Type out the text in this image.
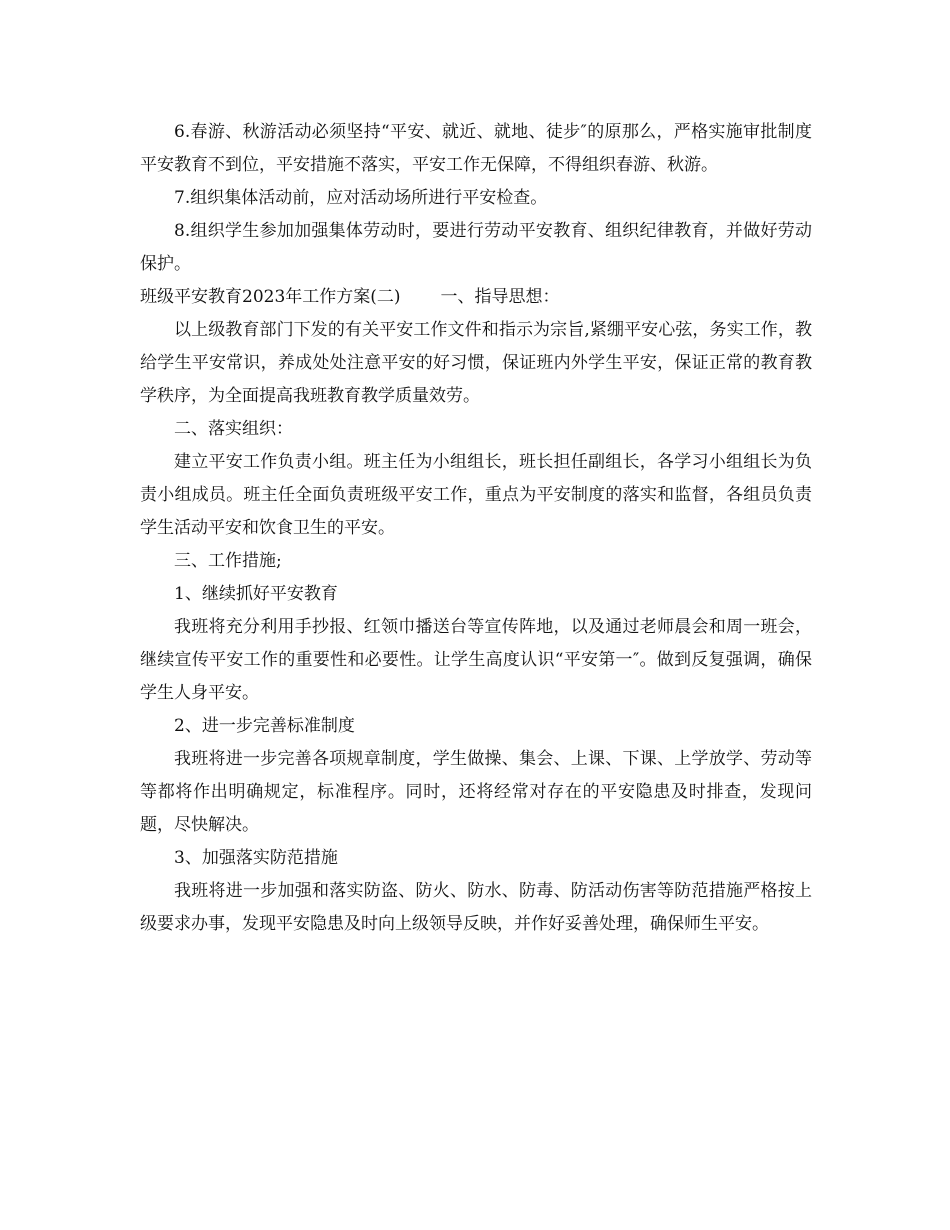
6.春游、秋游活动必须坚持“平安、就近、就地、徒步″的原那么，严格实施审批制度平安教育不到位，平安措施不落实，平安工作无保障，不得组织春游、秋游。

7.组织集体活动前，应对活动场所进行平安检查。

8.组织学生参加加强集体劳动时，要进行劳动平安教育、组织纪律教育，并做好劳动保护。

班级平安教育2023年工作方案(二) 一、指导思想：

以上级教育部门下发的有关平安工作文件和指示为宗旨,紧绷平安心弦，务实工作，教给学生平安常识，养成处处注意平安的好习惯，保证班内外学生平安，保证正常的教育教学秩序，为全面提高我班教育教学质量效劳。

二、落实组织：

建立平安工作负责小组。班主任为小组组长，班长担任副组长，各学习小组组长为负责小组成员。班主任全面负责班级平安工作，重点为平安制度的落实和监督，各组员负责学生活动平安和饮食卫生的平安。

三、工作措施;

1、继续抓好平安教育

我班将充分利用手抄报、红领巾播送台等宣传阵地，以及通过老师晨会和周一班会，继续宣传平安工作的重要性和必要性。让学生高度认识“平安第一″。做到反复强调，确保学生人身平安。

2、进一步完善标准制度

我班将进一步完善各项规章制度，学生做操、集会、上课、下课、上学放学、劳动等等都将作出明确规定，标准程序。同时，还将经常对存在的平安隐患及时排查，发现问题，尽快解决。

3、加强落实防范措施

我班将进一步加强和落实防盗、防火、防水、防毒、防活动伤害等防范措施严格按上级要求办事，发现平安隐患及时向上级领导反映，并作好妥善处理，确保师生平安。
